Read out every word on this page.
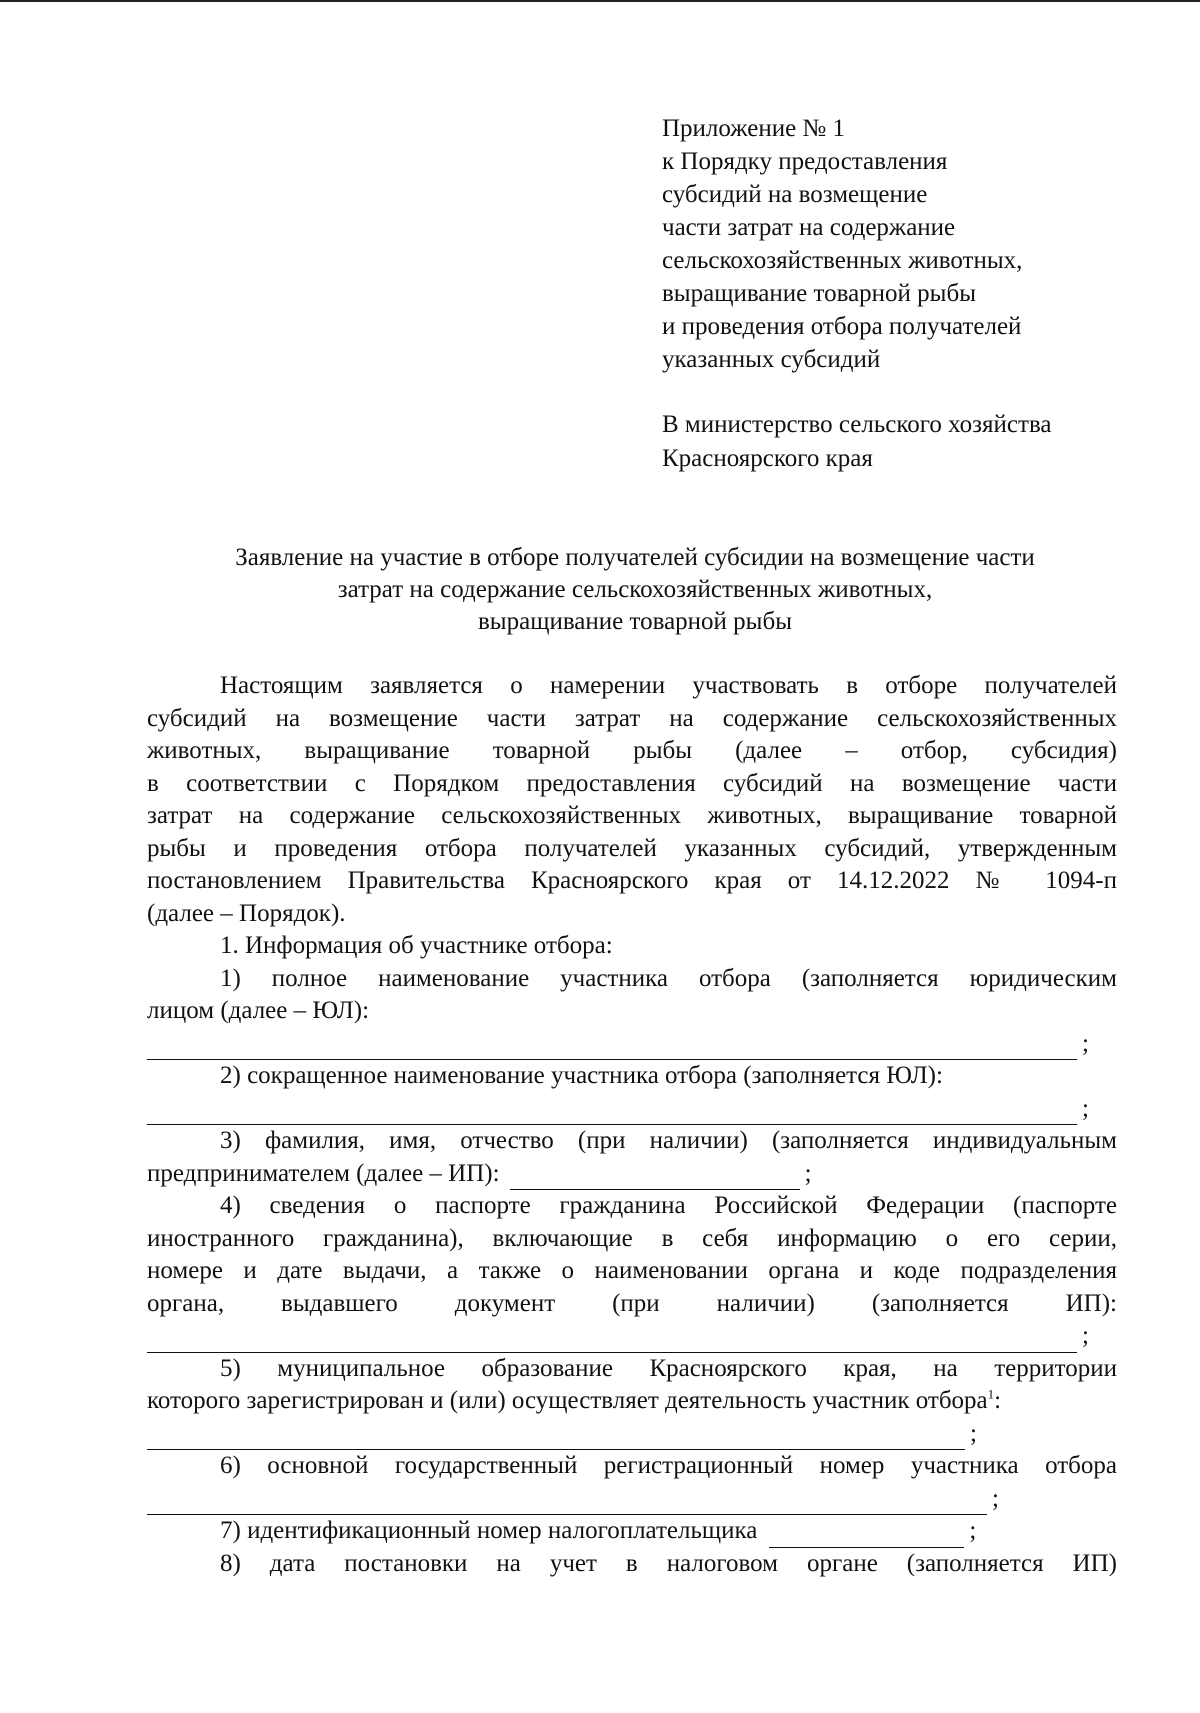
Приложение № 1
к Порядку предоставления
субсидий на возмещение
части затрат на содержание
сельскохозяйственных животных,
выращивание товарной рыбы
и проведения отбора получателей
указанных субсидий
В министерство сельского хозяйства
Красноярского края
Заявление на участие в отборе получателей субсидии на возмещение части
затрат на содержание сельскохозяйственных животных,
выращивание товарной рыбы
Настоящим заявляется о намерении участвовать в отборе получателей
субсидий на возмещение части затрат на содержание сельскохозяйственных
животных, выращивание товарной рыбы (далее – отбор, субсидия)
в соответствии с Порядком предоставления субсидий на возмещение части
затрат на содержание сельскохозяйственных животных, выращивание товарной
рыбы и проведения отбора получателей указанных субсидий, утвержденным
постановлением Правительства Красноярского края от 14.12.2022 № 1094-п
(далее – Порядок).
1. Информация об участнике отбора:
1) полное наименование участника отбора (заполняется юридическим
лицом (далее – ЮЛ):
;
2) сокращенное наименование участника отбора (заполняется ЮЛ):
;
3) фамилия, имя, отчество (при наличии) (заполняется индивидуальным
предпринимателем (далее – ИП):	;
4) сведения о паспорте гражданина Российской Федерации (паспорте
иностранного гражданина), включающие в себя информацию о его серии,
номере и дате выдачи, а также о наименовании органа и коде подразделения
органа, выдавшего документ (при наличии) (заполняется ИП):
;
5) муниципальное образование Красноярского края, на территории
которого зарегистрирован и (или) осуществляет деятельность участник отбора$^1$:
;
6) основной государственный регистрационный номер участника отбора
;
7) идентификационный номер налогоплательщика	;
8) дата постановки на учет в налоговом органе (заполняется ИП)
